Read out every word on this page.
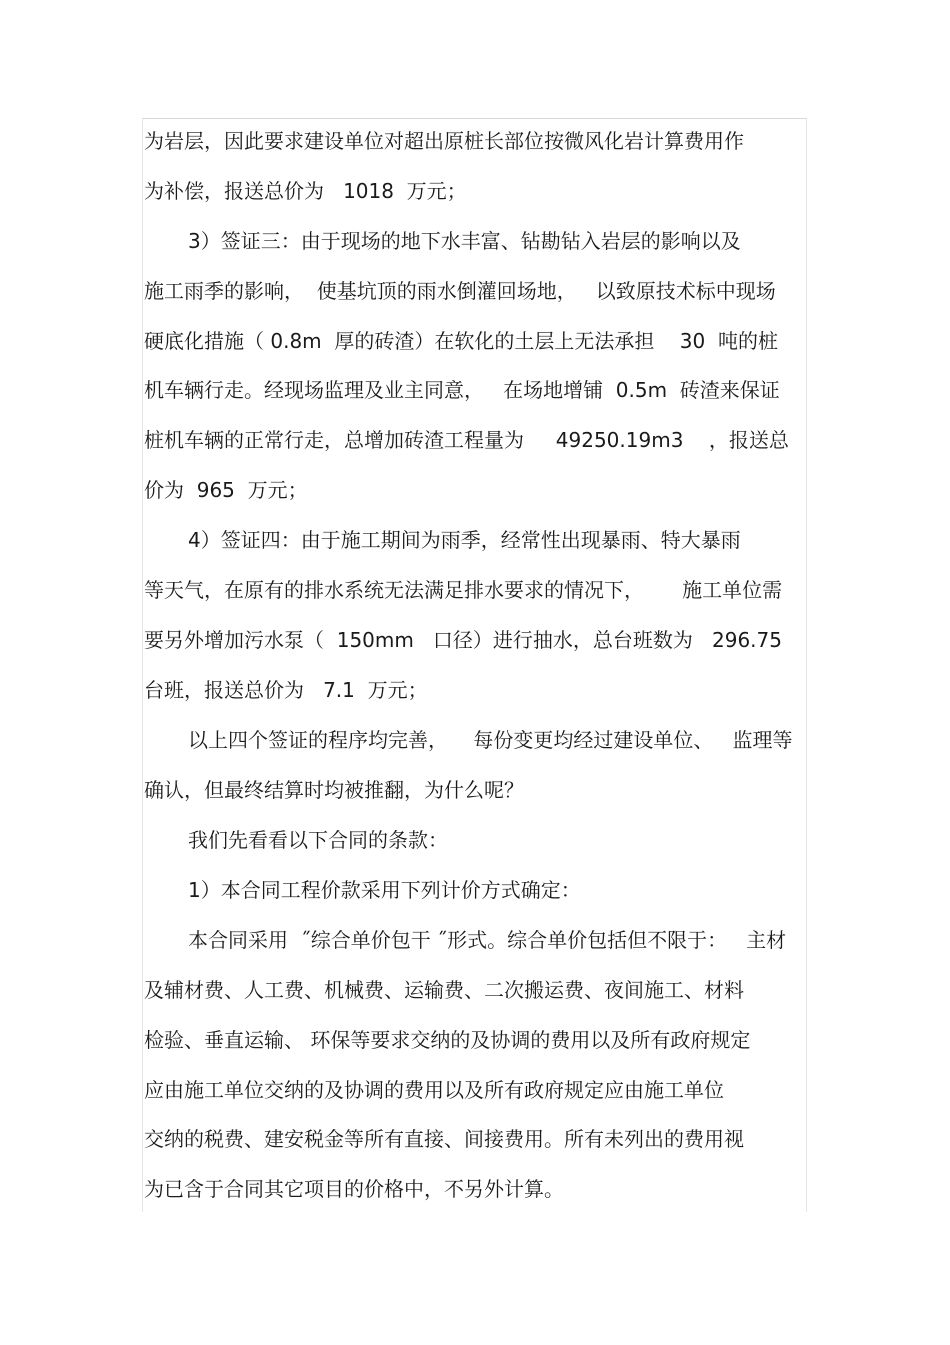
为岩层，因此要求建设单位对超出原桩长部位按微风化岩计算费用作

为补偿，报送总价为   1018  万元；

3）签证三：由于现场的地下水丰富、钻勘钻入岩层的影响以及

施工雨季的影响，  使基坑顶的雨水倒灌回场地，   以致原技术标中现场

硬底化措施（ 0.8m  厚的砖渣）在软化的土层上无法承担    30  吨的桩

机车辆行走。经现场监理及业主同意，   在场地增铺  0.5m  砖渣来保证

桩机车辆的正常行走，总增加砖渣工程量为     49250.19m3    ，报送总

价为  965  万元；

4）签证四：由于施工期间为雨季，经常性出现暴雨、特大暴雨

等天气，在原有的排水系统无法满足排水要求的情况下，      施工单位需

要另外增加污水泵（  150mm   口径）进行抽水，总台班数为   296.75

台班，报送总价为   7.1  万元；

以上四个签证的程序均完善，    每份变更均经过建设单位、   监理等

确认，但最终结算时均被推翻，为什么呢？

我们先看看以下合同的条款：

1）本合同工程价款采用下列计价方式确定：

本合同采用  ˝综合单价包干 ˝形式。综合单价包括但不限于：   主材

及辅材费、人工费、机械费、运输费、二次搬运费、夜间施工、材料

检验、垂直运输、 环保等要求交纳的及协调的费用以及所有政府规定

应由施工单位交纳的及协调的费用以及所有政府规定应由施工单位

交纳的税费、建安税金等所有直接、间接费用。所有未列出的费用视

为已含于合同其它项目的价格中，不另外计算。
